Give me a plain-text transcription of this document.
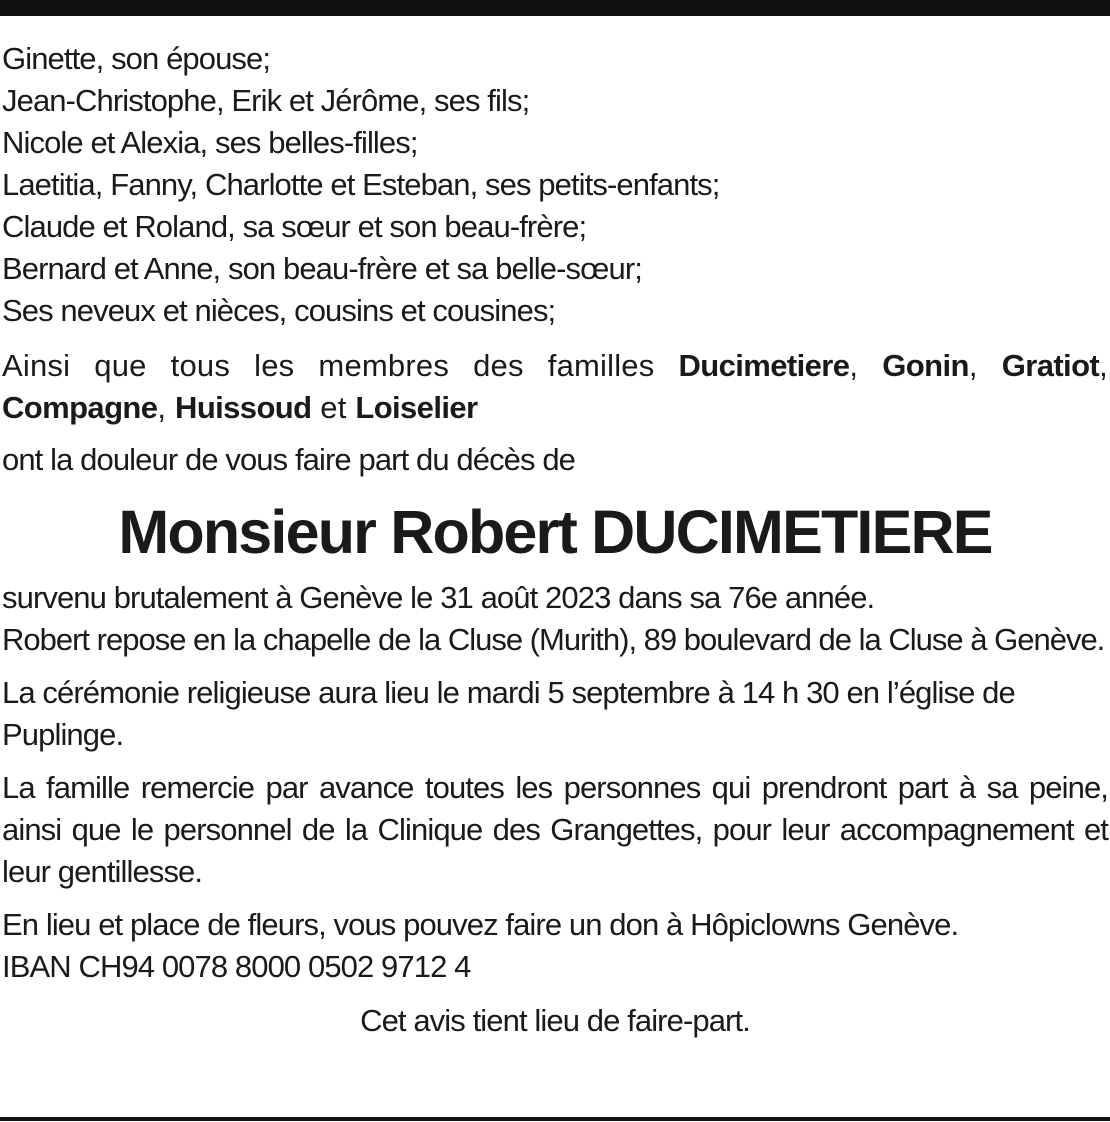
Ginette, son épouse;
Jean-Christophe, Erik et Jérôme, ses fils;
Nicole et Alexia, ses belles-filles;
Laetitia, Fanny, Charlotte et Esteban, ses petits-enfants;
Claude et Roland, sa sœur et son beau-frère;
Bernard et Anne, son beau-frère et sa belle-sœur;
Ses neveux et nièces, cousins et cousines;

Ainsi que tous les membres des familles Ducimetiere, Gonin, Gratiot, Compagne, Huissoud et Loiselier

ont la douleur de vous faire part du décès de

Monsieur Robert DUCIMETIERE

survenu brutalement à Genève le 31 août 2023 dans sa 76e année.

Robert repose en la chapelle de la Cluse (Murith), 89 boulevard de la Cluse à Genève.

La cérémonie religieuse aura lieu le mardi 5 septembre à 14 h 30 en l’église de Puplinge.

La famille remercie par avance toutes les personnes qui prendront part à sa peine, ainsi que le personnel de la Clinique des Grangettes, pour leur accompagnement et leur gentillesse.

En lieu et place de fleurs, vous pouvez faire un don à Hôpiclowns Genève.
IBAN CH94 0078 8000 0502 9712 4

Cet avis tient lieu de faire-part.
